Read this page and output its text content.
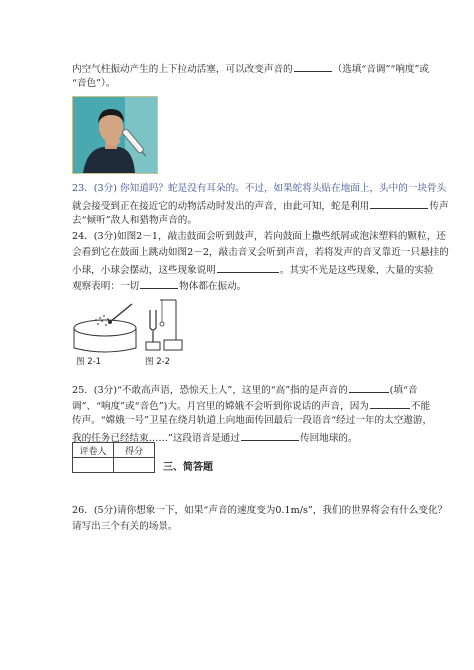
内空气柱振动产生的上下拉动活塞，可以改变声音的	（选填“音调”“响度”或
“音色”）。
23．(3分) 你知道吗？蛇是没有耳朵的。不过，如果蛇将头贴在地面上，头中的一块骨头
就会接受到正在接近它的动物活动时发出的声音，由此可知，蛇是利用	传声
去“倾听”敌人和猎物声音的。
24．(3分)如图2－1，敲击鼓面会听到鼓声，若向鼓面上撒些纸屑或泡沫塑料的颗粒，还
会看到它在鼓面上跳动如图2－2，敲击音叉会听到声音，若将发声的音叉靠近一只悬挂的
小球，小球会摆动，这些现象说明	。其实不光是这些现象，大量的实验
观察表明：一切	物体都在振动。
图 2-1	图 2-2
25．(3分)“不敢高声语，恐惊天上人”，这里的“高”指的是声音的	(填“音
调”、“响度”或“音色”)大。月宫里的嫦娥不会听到你说话的声音，因为	不能
传声。“嫦娥一号”卫星在绕月轨道上向地面传回最后一段语音“经过一年的太空遨游，
我的任务已经结束……”这段语音是通过	传回地球的。
评卷人	得分

三、简答题
26．(5分)请你想象一下，如果“声音的速度变为0.1m/s”，我们的世界将会有什么变化？
请写出三个有关的场景。
